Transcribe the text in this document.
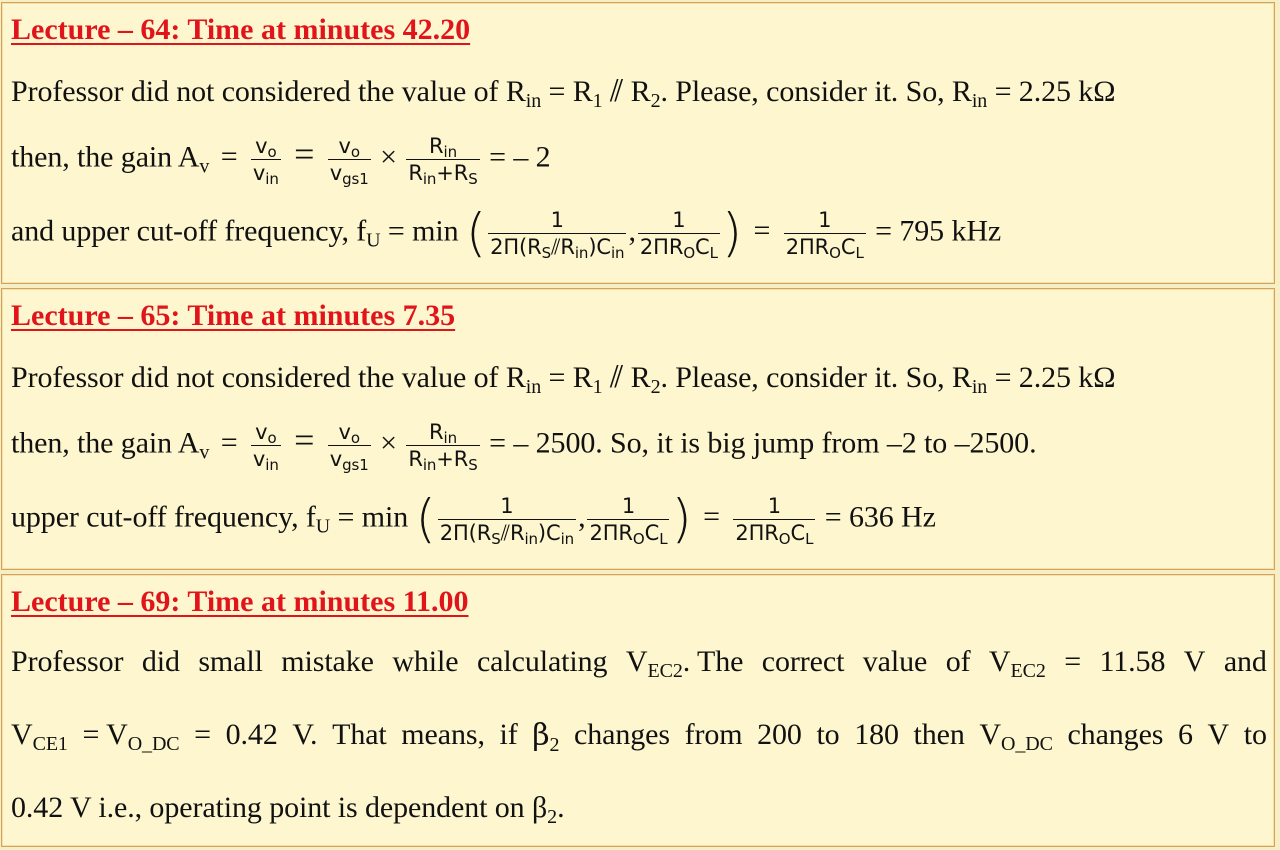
Lecture – 64: Time at minutes 42.20
Professor did not considered the value of $R_{in} = R_1$ ⫽ $R_2$. Please, consider it. So, $R_{in} = 2.25$ kΩ
then, the gain $A_v = \frac{v_o}{v_{in}} = \frac{v_o}{v_{gs1}} \times \frac{R_{in}}{R_{in}+R_S}$ = – 2
and upper cut-off frequency, $f_U = \min$ ( $\frac{1}{2\Pi(R_S⫽R_{in})C_{in}}$ , $\frac{1}{2\Pi R_OC_L}$ ) = $\frac{1}{2\Pi R_OC_L} = 795$ kHz
Lecture – 65: Time at minutes 7.35
Professor did not considered the value of $R_{in} = R_1$ ⫽ $R_2$. Please, consider it. So, $R_{in} = 2.25$ kΩ
then, the gain $A_v = \frac{v_o}{v_{in}} = \frac{v_o}{v_{gs1}} \times \frac{R_{in}}{R_{in}+R_S}$ = – 2500. So, it is big jump from –2 to –2500.
upper cut-off frequency, $f_U = \min$ ( $\frac{1}{2\Pi(R_S⫽R_{in})C_{in}}$ , $\frac{1}{2\Pi R_OC_L}$ ) = $\frac{1}{2\Pi R_OC_L} = 636$ Hz
Lecture – 69: Time at minutes 11.00
Professor did small mistake while calculating $V_{EC2}$. The correct value of $V_{EC2} = 11.58$ V and
$V_{CE1} = V_{O\_DC} = 0.42$ V. That means, if $\beta_2$ changes from 200 to 180 then $V_{O\_DC}$ changes 6 V to
0.42 V i.e., operating point is dependent on $\beta_2$.
